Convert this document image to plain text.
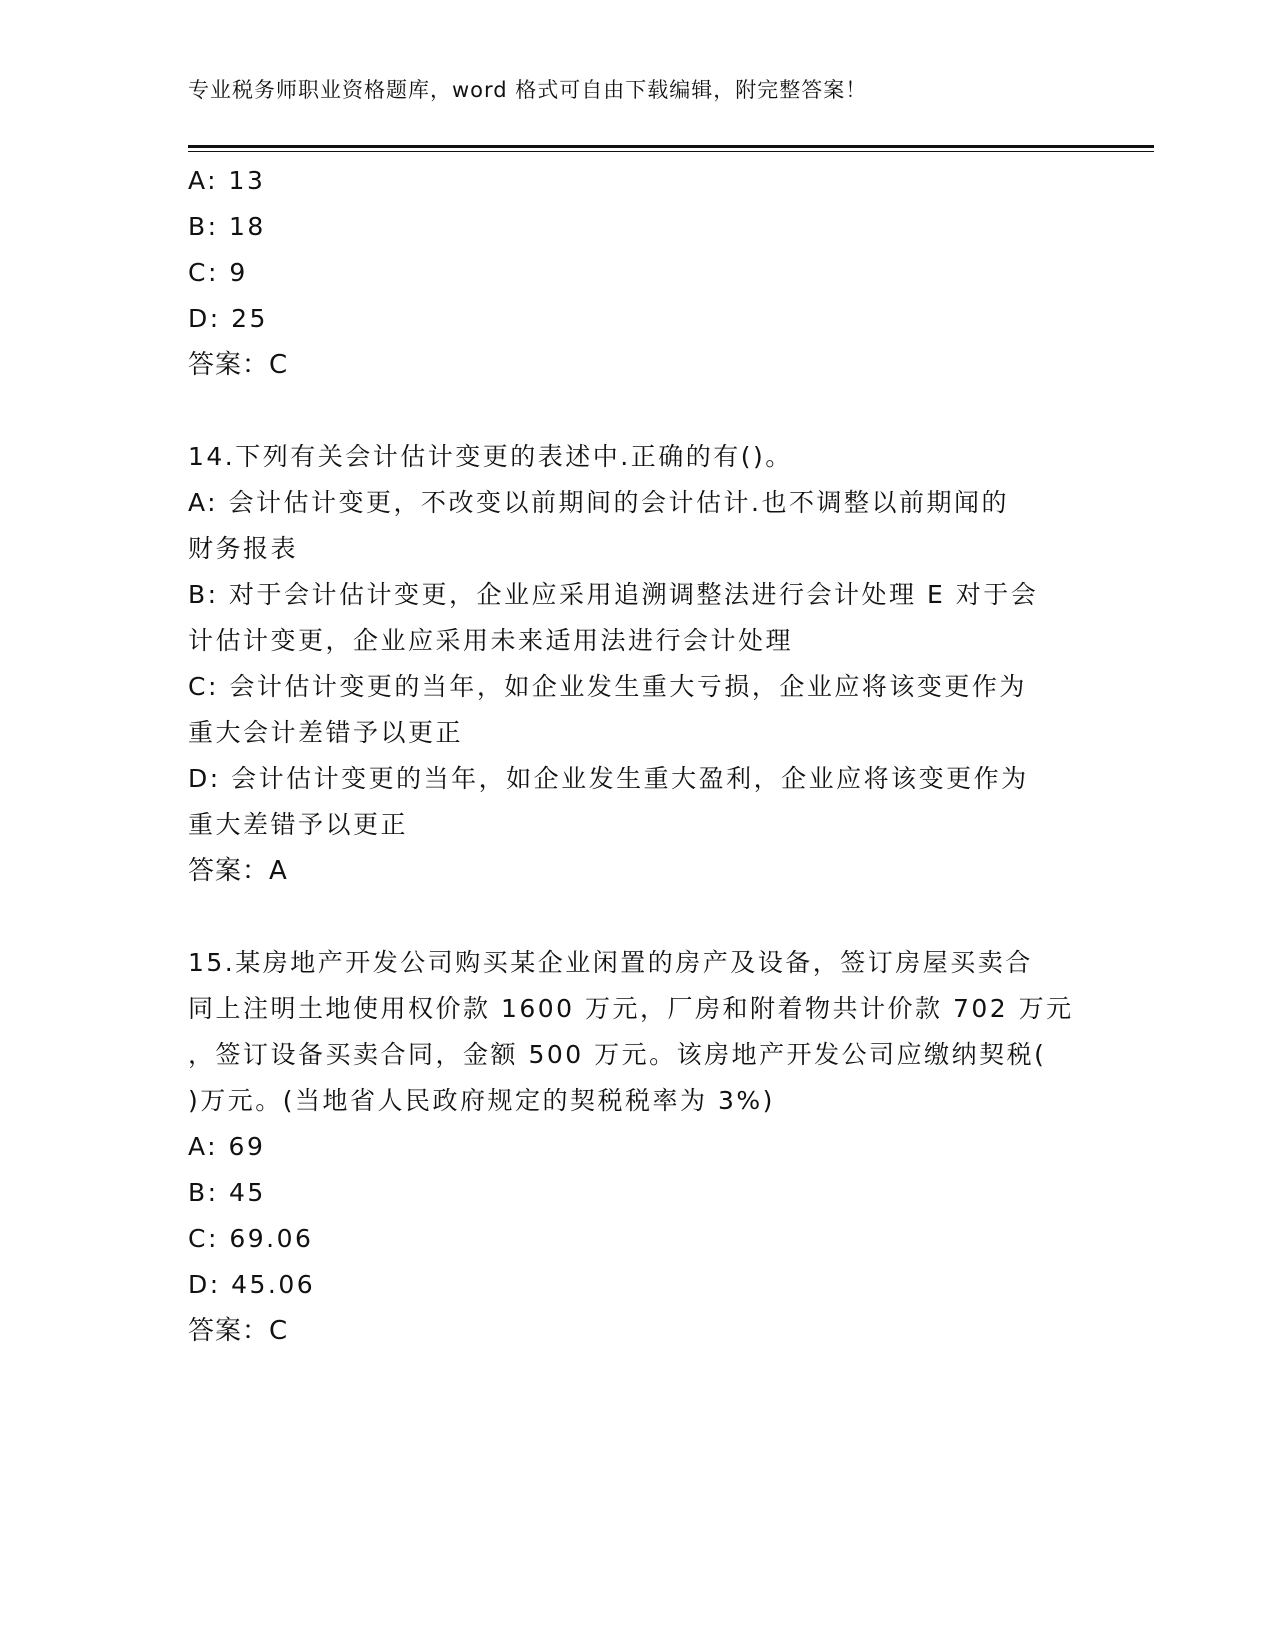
专业税务师职业资格题库，word 格式可自由下载编辑，附完整答案！
A: 13
B: 18
C: 9
D: 25
答案：C
14.下列有关会计估计变更的表述中.正确的有()。
A: 会计估计变更，不改变以前期间的会计估计.也不调整以前期闻的
财务报表
B: 对于会计估计变更，企业应采用追溯调整法进行会计处理 E 对于会
计估计变更，企业应采用未来适用法进行会计处理
C: 会计估计变更的当年，如企业发生重大亏损，企业应将该变更作为
重大会计差错予以更正
D: 会计估计变更的当年，如企业发生重大盈利，企业应将该变更作为
重大差错予以更正
答案：A
15.某房地产开发公司购买某企业闲置的房产及设备，签订房屋买卖合
同上注明土地使用权价款 1600 万元，厂房和附着物共计价款 702 万元
，签订设备买卖合同，金额 500 万元。该房地产开发公司应缴纳契税(
)万元。(当地省人民政府规定的契税税率为 3%)
A: 69
B: 45
C: 69.06
D: 45.06
答案：C
